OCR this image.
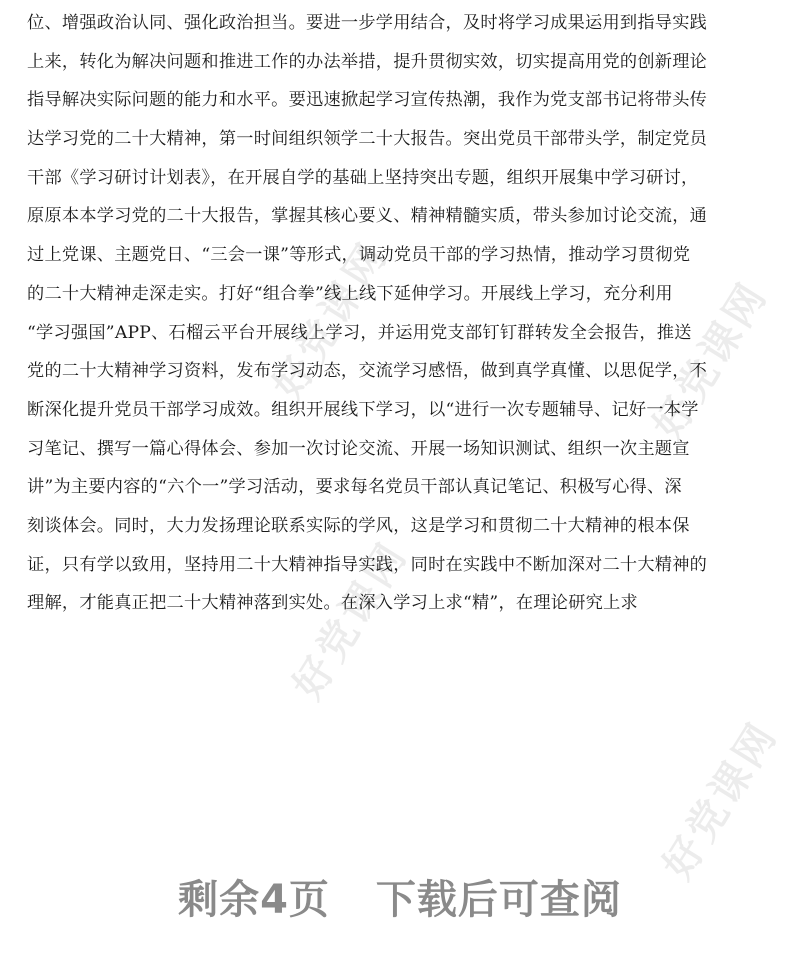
好党课网	好党课网
好党课网
好党课网
位、增强政治认同、强化政治担当。要进一步学用结合，及时将学习成果运用到指导实践
上来，转化为解决问题和推进工作的办法举措，提升贯彻实效，切实提高用党的创新理论
指导解决实际问题的能力和水平。要迅速掀起学习宣传热潮，我作为党支部书记将带头传
达学习党的二十大精神，第一时间组织领学二十大报告。突出党员干部带头学，制定党员
干部《学习研讨计划表》，在开展自学的基础上坚持突出专题，组织开展集中学习研讨，
原原本本学习党的二十大报告，掌握其核心要义、精神精髓实质，带头参加讨论交流，通
过上党课、主题党日、“三会一课”等形式，调动党员干部的学习热情，推动学习贯彻党
的二十大精神走深走实。打好“组合拳”线上线下延伸学习。开展线上学习，充分利用
“学习强国”APP、石榴云平台开展线上学习，并运用党支部钉钉群转发全会报告，推送
党的二十大精神学习资料，发布学习动态，交流学习感悟，做到真学真懂、以思促学，不
断深化提升党员干部学习成效。组织开展线下学习，以“进行一次专题辅导、记好一本学
习笔记、撰写一篇心得体会、参加一次讨论交流、开展一场知识测试、组织一次主题宣
讲”为主要内容的“六个一”学习活动，要求每名党员干部认真记笔记、积极写心得、深
刻谈体会。同时，大力发扬理论联系实际的学风，这是学习和贯彻二十大精神的根本保
证，只有学以致用，坚持用二十大精神指导实践，同时在实践中不断加深对二十大精神的
理解，才能真正把二十大精神落到实处。在深入学习上求“精”，在理论研究上求
剩余4页 下载后可查阅
